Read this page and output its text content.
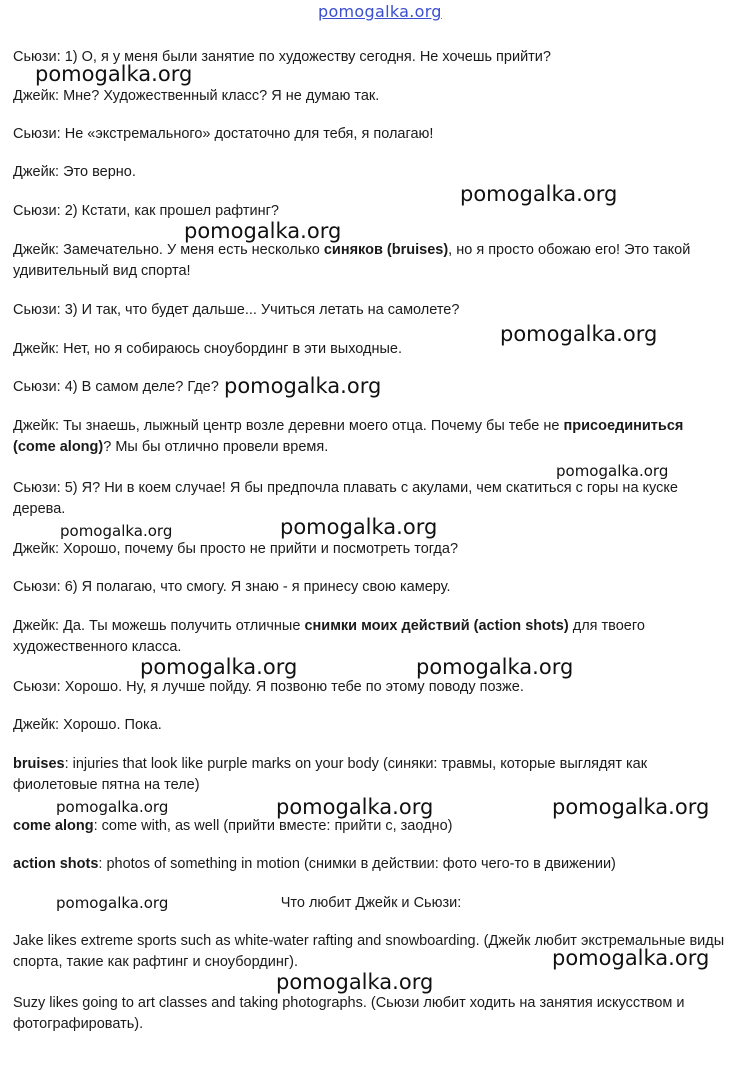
pomogalka.org

Сьюзи: 1) О, я у меня были занятие по художеству сегодня. Не хочешь прийти?

Джейк: Мне? Художественный класс? Я не думаю так.

Сьюзи: Не «экстремального» достаточно для тебя, я полагаю!

Джейк: Это верно.

Сьюзи: 2) Кстати, как прошел рафтинг?

Джейк: Замечательно. У меня есть несколько синяков (bruises), но я просто обожаю его! Это такой удивительный вид спорта!

Сьюзи: 3) И так, что будет дальше... Учиться летать на самолете?

Джейк: Нет, но я собираюсь сноубординг в эти выходные.

Сьюзи: 4) В самом деле? Где?

Джейк: Ты знаешь, лыжный центр возле деревни моего отца. Почему бы тебе не присоединиться (come along)? Мы бы отлично провели время.

Сьюзи: 5) Я? Ни в коем случае! Я бы предпочла плавать с акулами, чем скатиться с горы на куске дерева.

Джейк: Хорошо, почему бы просто не прийти и посмотреть тогда?

Сьюзи: 6) Я полагаю, что смогу. Я знаю - я принесу свою камеру.

Джейк: Да. Ты можешь получить отличные снимки моих действий (action shots) для твоего художественного класса.

Сьюзи: Хорошо. Ну, я лучше пойду. Я позвоню тебе по этому поводу позже.

Джейк: Хорошо. Пока.

bruises: injuries that look like purple marks on your body (синяки: травмы, которые выглядят как фиолетовые пятна на теле)

come along: come with, as well (прийти вместе: прийти с, заодно)

action shots: photos of something in motion (снимки в действии: фото чего-то в движении)

Что любит Джейк и Сьюзи:

Jake likes extreme sports such as white-water rafting and snowboarding. (Джейк любит экстремальные виды спорта, такие как рафтинг и сноубординг).

Suzy likes going to art classes and taking photographs. (Сьюзи любит ходить на занятия искусством и фотографировать).

pomogalka.org
pomogalka.org
pomogalka.org
pomogalka.org
pomogalka.org
pomogalka.org
pomogalka.org
pomogalka.org
pomogalka.org	pomogalka.org
pomogalka.org	pomogalka.org
pomogalka.org
pomogalka.org
pomogalka.org
pomogalka.org
